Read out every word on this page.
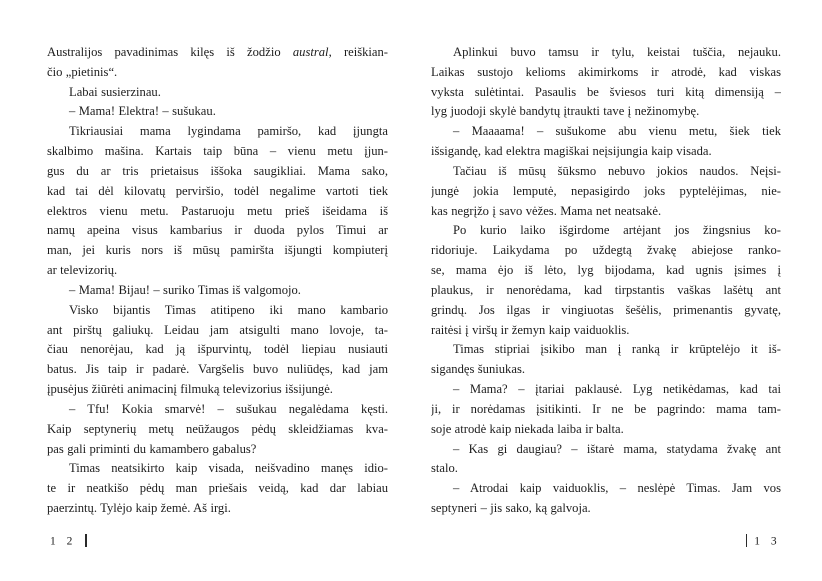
Australijos pavadinimas kilęs iš žodžio austral, reiškian-
čio „pietinis“.
Labai susierzinau.
– Mama! Elektra! – sušukau.
Tikriausiai mama lygindama pamiršo, kad įjungta
skalbimo mašina. Kartais taip būna – vienu metu įjun-
gus du ar tris prietaisus iššoka saugikliai. Mama sako,
kad tai dėl kilovatų perviršio, todėl negalime vartoti tiek
elektros vienu metu. Pastaruoju metu prieš išeidama iš
namų apeina visus kambarius ir duoda pylos Timui ar
man, jei kuris nors iš mūsų pamiršta išjungti kompiuterį
ar televizorių.
– Mama! Bijau! – suriko Timas iš valgomojo.
Visko bijantis Timas atitipeno iki mano kambario
ant pirštų galiukų. Leidau jam atsigulti mano lovoje, ta-
čiau nenorėjau, kad ją išpurvintų, todėl liepiau nusiauti
batus. Jis taip ir padarė. Vargšelis buvo nuliūdęs, kad jam
įpusėjus žiūrėti animacinį filmuką televizorius išsijungė.
– Tfu! Kokia smarvė! – sušukau negalėdama kęsti.
Kaip septynerių metų neūžaugos pėdų skleidžiamas kva-
pas gali priminti du kamambero gabalus?
Timas neatsikirto kaip visada, neišvadino manęs idio-
te ir neatkišo pėdų man priešais veidą, kad dar labiau
paerzintų. Tylėjo kaip žemė. Aš irgi.
1 2
Aplinkui buvo tamsu ir tylu, keistai tuščia, nejauku.
Laikas sustojo kelioms akimirkoms ir atrodė, kad viskas
vyksta sulėtintai. Pasaulis be šviesos turi kitą dimensiją –
lyg juodoji skylė bandytų įtraukti tave į nežinomybę.
– Maaaama! – sušukome abu vienu metu, šiek tiek
išsigandę, kad elektra magiškai neįsijungia kaip visada.
Tačiau iš mūsų šūksmo nebuvo jokios naudos. Neįsi-
jungė jokia lemputė, nepasigirdo joks pyptelėjimas, nie-
kas negrįžo į savo vėžes. Mama net neatsakė.
Po kurio laiko išgirdome artėjant jos žingsnius ko-
ridoriuje. Laikydama po uždegtą žvakę abiejose ranko-
se, mama ėjo iš lėto, lyg bijodama, kad ugnis įsimes į
plaukus, ir nenorėdama, kad tirpstantis vaškas lašėtų ant
grindų. Jos ilgas ir vingiuotas šešėlis, primenantis gyvatę,
raitėsi į viršų ir žemyn kaip vaiduoklis.
Timas stipriai įsikibo man į ranką ir krūptelėjo it iš-
sigandęs šuniukas.
– Mama? – įtariai paklausė. Lyg netikėdamas, kad tai
ji, ir norėdamas įsitikinti. Ir ne be pagrindo: mama tam-
soje atrodė kaip niekada laiba ir balta.
– Kas gi daugiau? – ištarė mama, statydama žvakę ant
stalo.
– Atrodai kaip vaiduoklis, – neslėpė Timas. Jam vos
septyneri – jis sako, ką galvoja.
1 3
